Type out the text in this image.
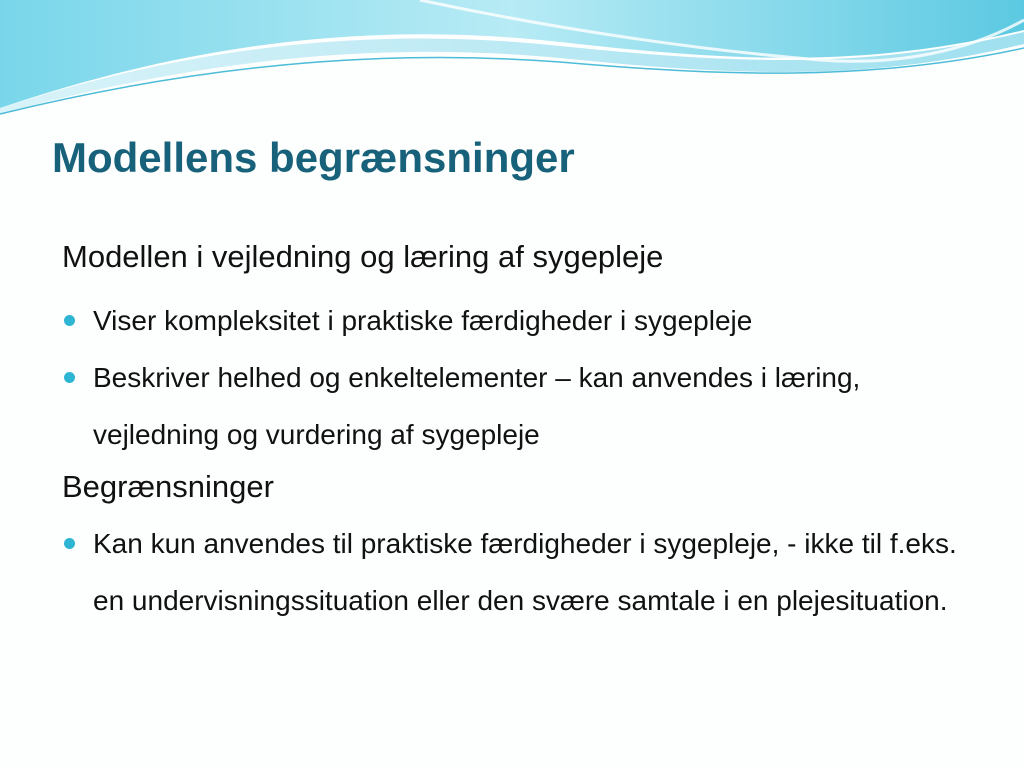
Modellens begrænsninger
Modellen i vejledning og læring af sygepleje
Viser kompleksitet i praktiske færdigheder i sygepleje
Beskriver helhed og enkeltelementer – kan anvendes i læring, vejledning og vurdering af sygepleje
Begrænsninger
Kan kun anvendes til praktiske færdigheder i sygepleje, - ikke til f.eks. en undervisningssituation eller den svære samtale i en plejesituation.
